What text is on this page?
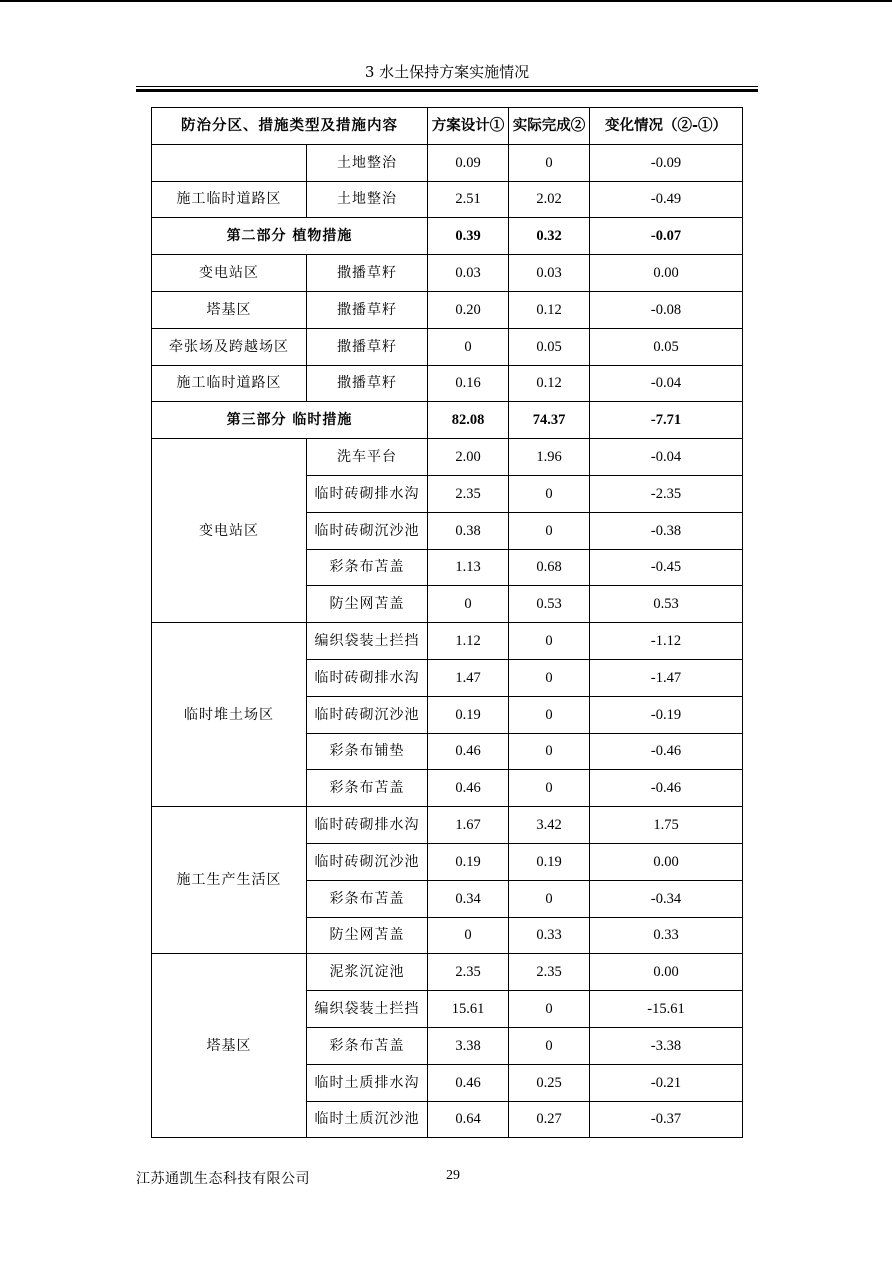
3 水土保持方案实施情况
防治分区、措施类型及措施内容		方案设计①	实际完成②	变化情况（②-①）
	土地整治	0.09	0	-0.09
施工临时道路区	土地整治	2.51	2.02	-0.49
第二部分 植物措施		0.39	0.32	-0.07
变电站区	撒播草籽	0.03	0.03	0.00
塔基区	撒播草籽	0.20	0.12	-0.08
牵张场及跨越场区	撒播草籽	0	0.05	0.05
施工临时道路区	撒播草籽	0.16	0.12	-0.04
第三部分 临时措施		82.08	74.37	-7.71
变电站区	洗车平台	2.00	1.96	-0.04
	临时砖砌排水沟	2.35	0	-2.35
	临时砖砌沉沙池	0.38	0	-0.38
	彩条布苫盖	1.13	0.68	-0.45
	防尘网苫盖	0	0.53	0.53
临时堆土场区	编织袋装土拦挡	1.12	0	-1.12
	临时砖砌排水沟	1.47	0	-1.47
	临时砖砌沉沙池	0.19	0	-0.19
	彩条布铺垫	0.46	0	-0.46
	彩条布苫盖	0.46	0	-0.46
施工生产生活区	临时砖砌排水沟	1.67	3.42	1.75
	临时砖砌沉沙池	0.19	0.19	0.00
	彩条布苫盖	0.34	0	-0.34
	防尘网苫盖	0	0.33	0.33
塔基区	泥浆沉淀池	2.35	2.35	0.00
	编织袋装土拦挡	15.61	0	-15.61
	彩条布苫盖	3.38	0	-3.38
	临时土质排水沟	0.46	0.25	-0.21
	临时土质沉沙池	0.64	0.27	-0.37
江苏通凯生态科技有限公司	29
